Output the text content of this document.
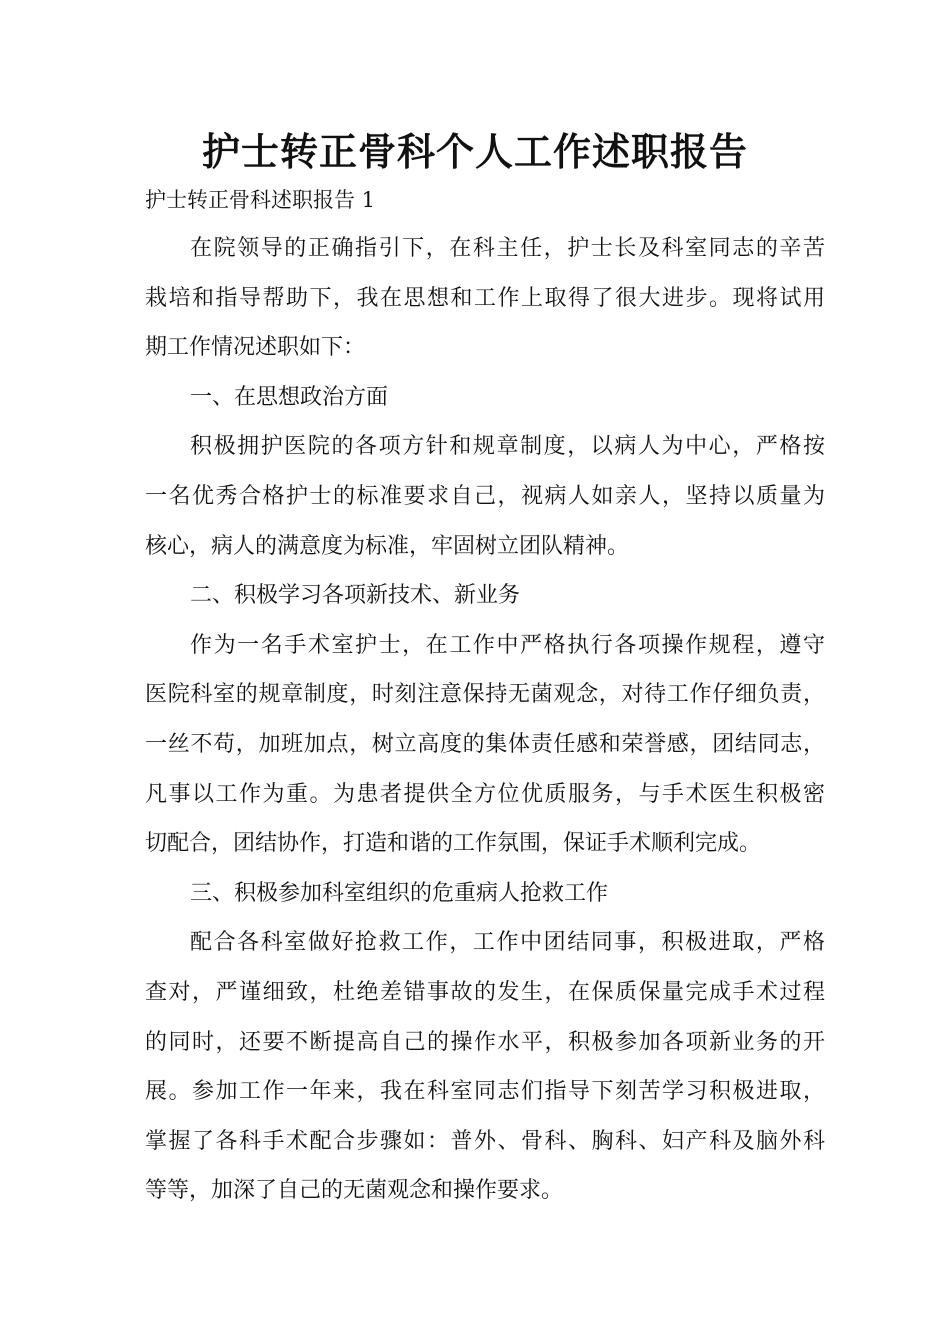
护士转正骨科个人工作述职报告
护士转正骨科述职报告 1

在院领导的正确指引下，在科主任，护士长及科室同志的辛苦
栽培和指导帮助下，我在思想和工作上取得了很大进步。现将试用
期工作情况述职如下：

一、在思想政治方面

积极拥护医院的各项方针和规章制度，以病人为中心，严格按
一名优秀合格护士的标准要求自己，视病人如亲人，坚持以质量为
核心，病人的满意度为标准，牢固树立团队精神。

二、积极学习各项新技术、新业务

作为一名手术室护士，在工作中严格执行各项操作规程，遵守
医院科室的规章制度，时刻注意保持无菌观念，对待工作仔细负责，
一丝不苟，加班加点，树立高度的集体责任感和荣誉感，团结同志，
凡事以工作为重。为患者提供全方位优质服务，与手术医生积极密
切配合，团结协作，打造和谐的工作氛围，保证手术顺利完成。

三、积极参加科室组织的危重病人抢救工作

配合各科室做好抢救工作，工作中团结同事，积极进取，严格
查对，严谨细致，杜绝差错事故的发生，在保质保量完成手术过程
的同时，还要不断提高自己的操作水平，积极参加各项新业务的开
展。参加工作一年来，我在科室同志们指导下刻苦学习积极进取，
掌握了各科手术配合步骤如：普外、骨科、胸科、妇产科及脑外科
等等，加深了自己的无菌观念和操作要求。
